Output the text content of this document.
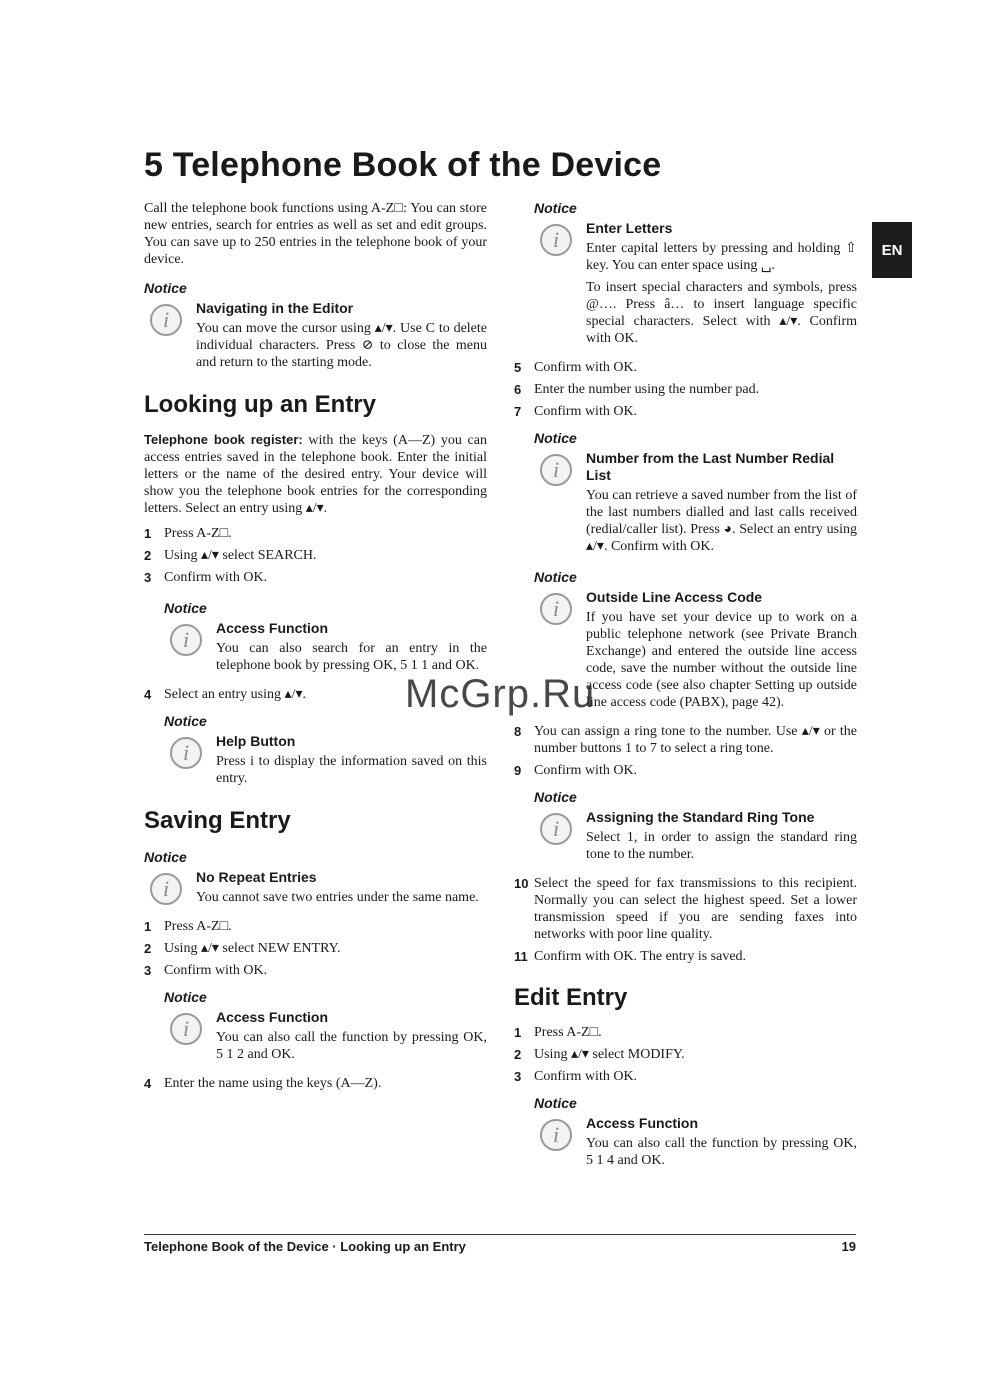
5 Telephone Book of the Device
EN

Call the telephone book functions using A-Z□: You can store new entries, search for entries as well as set and edit groups. You can save up to 250 entries in the telephone book of your device.

Notice

i	Navigating in the Editor

You can move the cursor using ▴/▾. Use C to delete individual characters. Press ⊘ to close the menu and return to the starting mode.

Looking up an Entry

Telephone book register: with the keys (A—Z) you can access entries saved in the telephone book. Enter the initial letters or the name of the desired entry. Your device will show you the telephone book entries for the corresponding letters. Select an entry using ▴/▾.

1 Press A-Z□.
2 Using ▴/▾ select SEARCH.
3 Confirm with OK.

Notice

i	Access Function

You can also search for an entry in the telephone book by pressing OK, 5 1 1 and OK.

4 Select an entry using ▴/▾.

Notice

i	Help Button

Press i to display the information saved on this entry.

Saving Entry

Notice

i	No Repeat Entries

You cannot save two entries under the same name.

1 Press A-Z□.
2 Using ▴/▾ select NEW ENTRY.
3 Confirm with OK.

Notice

i	Access Function

You can also call the function by pressing OK, 5 1 2 and OK.

4 Enter the name using the keys (A—Z).

Notice

i	Enter Letters

Enter capital letters by pressing and holding ⇧ key. You can enter space using ␣.

To insert special characters and symbols, press @…. Press â… to insert language specific special characters. Select with ▴/▾. Confirm with OK.

5 Confirm with OK.
6 Enter the number using the number pad.
7 Confirm with OK.

Notice

i	Number from the Last Number Redial List

You can retrieve a saved number from the list of the last numbers dialled and last calls received (redial/caller list). Press ◕. Select an entry using ▴/▾. Confirm with OK.

Notice

i	Outside Line Access Code

If you have set your device up to work on a public telephone network (see Private Branch Exchange) and entered the outside line access code, save the number without the outside line access code (see also chapter Setting up outside line access code (PABX), page 42).

8 You can assign a ring tone to the number. Use ▴/▾ or the number buttons 1 to 7 to select a ring tone.
9 Confirm with OK.

Notice

i	Assigning the Standard Ring Tone

Select 1, in order to assign the standard ring tone to the number.

10 Select the speed for fax transmissions to this recipient. Normally you can select the highest speed. Set a lower transmission speed if you are sending faxes into networks with poor line quality.
11 Confirm with OK. The entry is saved.
Edit Entry
1 Press A-Z□.
2 Using ▴/▾ select MODIFY.
3 Confirm with OK.

Notice

i	Access Function

You can also call the function by pressing OK, 5 1 4 and OK.

McGrp.Ru
Telephone Book of the Device · Looking up an Entry	19
